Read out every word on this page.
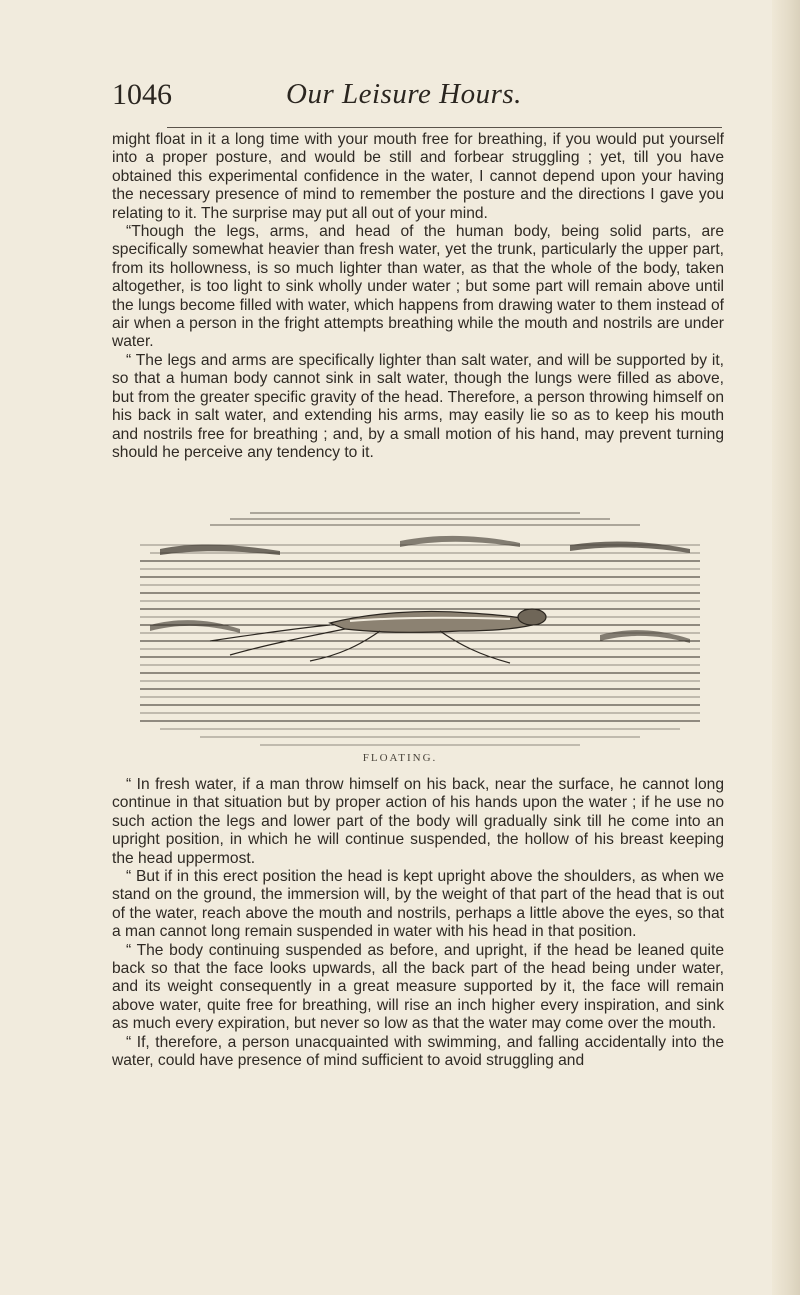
1046	Our Leisure Hours.

might float in it a long time with your mouth free for breathing, if you would put yourself into a proper posture, and would be still and forbear struggling ; yet, till you have obtained this experimental confidence in the water, I cannot depend upon your having the necessary presence of mind to remember the posture and the directions I gave you relating to it. The surprise may put all out of your mind.

“Though the legs, arms, and head of the human body, being solid parts, are specifically somewhat heavier than fresh water, yet the trunk, particularly the upper part, from its hollowness, is so much lighter than water, as that the whole of the body, taken altogether, is too light to sink wholly under water ; but some part will remain above until the lungs become filled with water, which happens from drawing water to them instead of air when a person in the fright attempts breathing while the mouth and nostrils are under water.

“ The legs and arms are specifically lighter than salt water, and will be supported by it, so that a human body cannot sink in salt water, though the lungs were filled as above, but from the greater specific gravity of the head. Therefore, a person throwing himself on his back in salt water, and extending his arms, may easily lie so as to keep his mouth and nostrils free for breathing ; and, by a small motion of his hand, may prevent turning should he perceive any tendency to it.

FLOATING.

“ In fresh water, if a man throw himself on his back, near the surface, he cannot long continue in that situation but by proper action of his hands upon the water ; if he use no such action the legs and lower part of the body will gradually sink till he come into an upright position, in which he will continue suspended, the hollow of his breast keeping the head uppermost.

“ But if in this erect position the head is kept upright above the shoulders, as when we stand on the ground, the immersion will, by the weight of that part of the head that is out of the water, reach above the mouth and nostrils, perhaps a little above the eyes, so that a man cannot long remain suspended in water with his head in that position.

“ The body continuing suspended as before, and upright, if the head be leaned quite back so that the face looks upwards, all the back part of the head being under water, and its weight consequently in a great measure supported by it, the face will remain above water, quite free for breathing, will rise an inch higher every inspiration, and sink as much every expiration, but never so low as that the water may come over the mouth.

“ If, therefore, a person unacquainted with swimming, and falling accidentally into the water, could have presence of mind sufficient to avoid struggling and
